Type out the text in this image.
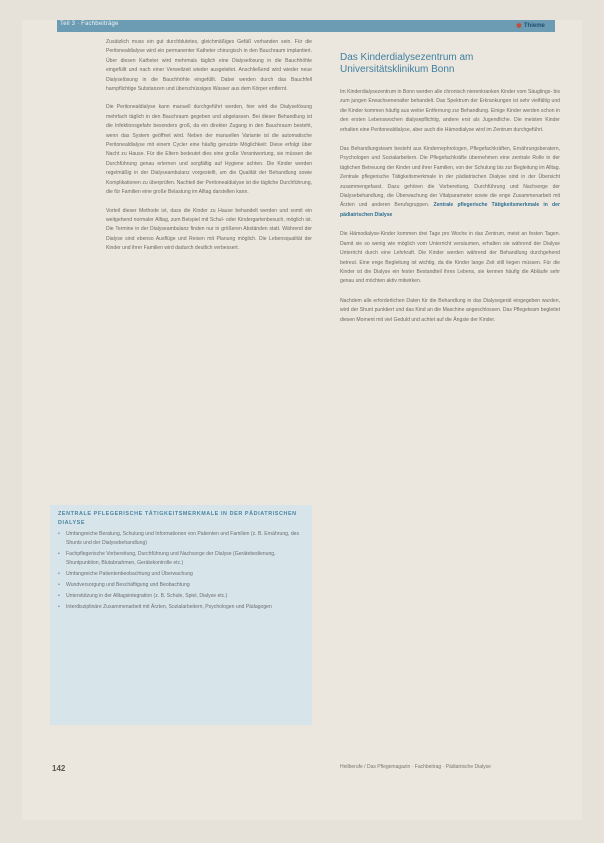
Teil 3 · Fachbeiträge	✱ Thieme

Zusätzlich muss ein gut durchblutetes, gleichmäßiges Gefäß vorhanden sein. Für die Peritonealdialyse wird ein permanenter Katheter chirurgisch in den Bauchraum implantiert. Über diesen Katheter wird mehrmals täglich eine Dialyselösung in die Bauchhöhle eingefüllt und nach einer Verweilzeit wieder ausgeleitet. Anschließend wird wieder neue Dialyselösung in die Bauchhöhle eingefüllt. Dabei werden durch das Bauchfell harnpflichtige Substanzen und überschüssiges Wasser aus dem Körper entfernt.

Die Peritonealdialyse kann manuell durchgeführt werden, hier wird die Dialyselösung mehrfach täglich in den Bauchraum gegeben und abgelassen. Bei dieser Behandlung ist die Infektionsgefahr besonders groß, da ein direkter Zugang in den Bauchraum besteht, wenn das System geöffnet wird. Neben der manuellen Variante ist die automatische Peritonealdialyse mit einem Cycler eine häufig genutzte Möglichkeit: Diese erfolgt über Nacht zu Hause. Für die Eltern bedeutet dies eine große Verantwortung, sie müssen die Durchführung genau erlernen und sorgfältig auf Hygiene achten. Die Kinder werden regelmäßig in der Dialyseambulanz vorgestellt, um die Qualität der Behandlung sowie Komplikationen zu überprüfen. Nachteil der Peritonealdialyse ist die tägliche Durchführung, die für Familien eine große Belastung im Alltag darstellen kann.

Vorteil dieser Methode ist, dass die Kinder zu Hause behandelt werden und somit ein weitgehend normaler Alltag, zum Beispiel mit Schul- oder Kindergartenbesuch, möglich ist. Die Termine in der Dialyseambulanz finden nur in größeren Abständen statt. Während der Dialyse sind ebenso Ausflüge und Reisen mit Planung möglich. Die Lebensqualität der Kinder und ihrer Familien wird dadurch deutlich verbessert.

Das Kinderdialysezentrum am Universitätsklinikum Bonn

Im Kinderdialysezentrum in Bonn werden alle chronisch nierenkranken Kinder vom Säuglings- bis zum jungen Erwachsenenalter behandelt. Das Spektrum der Erkrankungen ist sehr vielfältig und die Kinder kommen häufig aus weiter Entfernung zur Behandlung. Einige Kinder werden schon in den ersten Lebenswochen dialysepflichtig, andere erst als Jugendliche. Die meisten Kinder erhalten eine Peritonealdialyse, aber auch die Hämodialyse wird im Zentrum durchgeführt.

Das Behandlungsteam besteht aus Kindernephrologen, Pflegefachkräften, Ernährungsberatern, Psychologen und Sozialarbeitern. Die Pflegefachkräfte übernehmen eine zentrale Rolle in der täglichen Betreuung der Kinder und ihrer Familien, von der Schulung bis zur Begleitung im Alltag. Zentrale pflegerische Tätigkeitsmerkmale in der pädiatrischen Dialyse sind in der Übersicht zusammengefasst. Dazu gehören die Vorbereitung, Durchführung und Nachsorge der Dialysebehandlung, die Überwachung der Vitalparameter sowie die enge Zusammenarbeit mit Ärzten und anderen Berufsgruppen. Zentrale pflegerische Tätigkeitsmerkmale in der pädiatrischen Dialyse

Die Hämodialyse-Kinder kommen drei Tage pro Woche in das Zentrum, meist an festen Tagen. Damit sie so wenig wie möglich vom Unterricht versäumen, erhalten sie während der Dialyse Unterricht durch eine Lehrkraft. Die Kinder werden während der Behandlung durchgehend betreut. Eine enge Begleitung ist wichtig, da die Kinder lange Zeit still liegen müssen. Für die Kinder ist die Dialyse ein fester Bestandteil ihres Lebens, sie kennen häufig die Abläufe sehr genau und möchten aktiv mitwirken.

Nachdem alle erforderlichen Daten für die Behandlung in das Dialysegerät eingegeben wurden, wird der Shunt punktiert und das Kind an die Maschine angeschlossen. Das Pflegeteam begleitet diesen Moment mit viel Geduld und achtet auf die Ängste der Kinder.

ZENTRALE PFLEGERISCHE TÄTIGKEITSMERKMALE IN DER PÄDIATRISCHEN DIALYSE
• Umfangreiche Beratung, Schulung und Informationen von Patienten und Familien (z. B. Ernährung, des Shunts und der Dialysebehandlung)
• Fachpflegerische Vorbereitung, Durchführung und Nachsorge der Dialyse (Gerätebedienung, Shuntpunktion, Blutabnahmen, Gerätekontrolle etc.)
• Umfangreiche Patientenbeobachtung und Überwachung
• Wundversorgung und Beschäftigung und Beobachtung
• Unterstützung in der Alltagsintegration (z. B. Schule, Spiel, Dialyse etc.)
• Interdisziplinäre Zusammenarbeit mit Ärzten, Sozialarbeitern, Psychologen und Pädagogen
142	Heilberufe / Das Pflegemagazin · Fachbeitrag · Pädiatrische Dialyse
